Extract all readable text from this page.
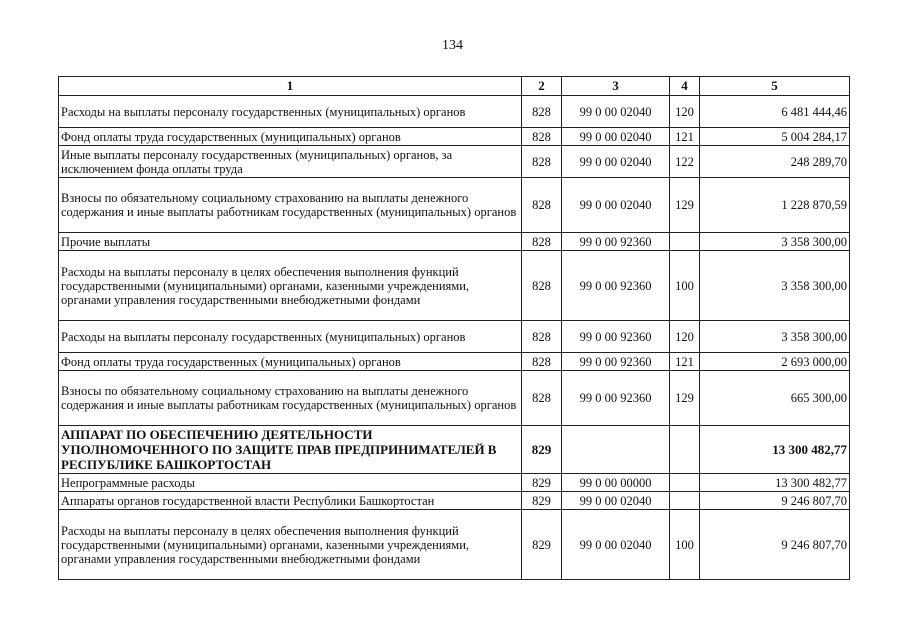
134
1	2	3	4	5
Расходы на выплаты персоналу государственных (муниципальных) органов	828	99 0 00 02040	120	6 481 444,46
Фонд оплаты труда государственных (муниципальных) органов	828	99 0 00 02040	121	5 004 284,17
Иные выплаты персоналу государственных (муниципальных) органов, за исключением фонда оплаты труда	828	99 0 00 02040	122	248 289,70
Взносы по обязательному социальному страхованию на выплаты денежного содержания и иные выплаты работникам государственных (муниципальных) органов	828	99 0 00 02040	129	1 228 870,59
Прочие выплаты	828	99 0 00 92360		3 358 300,00
Расходы на выплаты персоналу в целях обеспечения выполнения функций государственными (муниципальными) органами, казенными учреждениями, органами управления государственными внебюджетными фондами	828	99 0 00 92360	100	3 358 300,00
Расходы на выплаты персоналу государственных (муниципальных) органов	828	99 0 00 92360	120	3 358 300,00
Фонд оплаты труда государственных (муниципальных) органов	828	99 0 00 92360	121	2 693 000,00
Взносы по обязательному социальному страхованию на выплаты денежного содержания и иные выплаты работникам государственных (муниципальных) органов	828	99 0 00 92360	129	665 300,00
АППАРАТ ПО ОБЕСПЕЧЕНИЮ ДЕЯТЕЛЬНОСТИ УПОЛНОМОЧЕННОГО ПО ЗАЩИТЕ ПРАВ ПРЕДПРИНИМАТЕЛЕЙ В РЕСПУБЛИКЕ БАШКОРТОСТАН	829			13 300 482,77
Непрограммные расходы	829	99 0 00 00000		13 300 482,77
Аппараты органов государственной власти Республики Башкортостан	829	99 0 00 02040		9 246 807,70
Расходы на выплаты персоналу в целях обеспечения выполнения функций государственными (муниципальными) органами, казенными учреждениями, органами управления государственными внебюджетными фондами	829	99 0 00 02040	100	9 246 807,70
